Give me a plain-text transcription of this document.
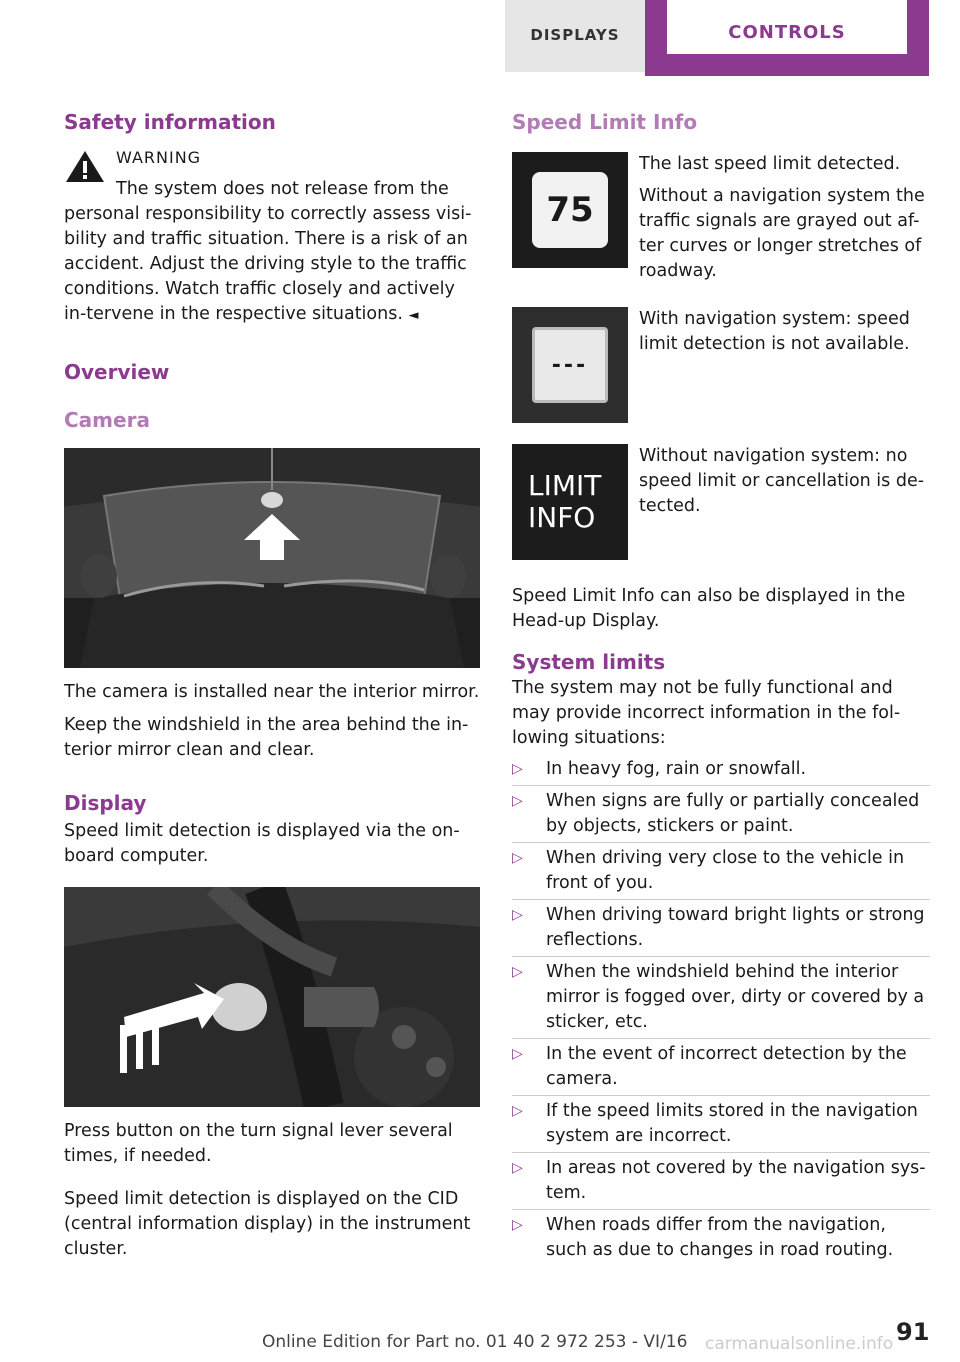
DISPLAYS	CONTROLS
Safety information
WARNING
The system does not release from the
personal responsibility to correctly assess visi-bility and traffic situation. There is a risk of an accident. Adjust the driving style to the traffic conditions. Watch traffic closely and actively in-tervene in the respective situations. ◄
Overview
Camera
The camera is installed near the interior mirror.
Keep the windshield in the area behind the in-terior mirror clean and clear.
Display
Speed limit detection is displayed via the on-board computer.
Press button on the turn signal lever several times, if needed.
Speed limit detection is displayed on the CID (central information display) in the instrument cluster.
Speed Limit Info
75
The last speed limit detected.
Without a navigation system the traffic signals are grayed out af-ter curves or longer stretches of roadway.
---
With navigation system: speed limit detection is not available.
LIMIT
INFO
Without navigation system: no speed limit or cancellation is de-tected.
Speed Limit Info can also be displayed in the Head-up Display.
System limits
The system may not be fully functional and may provide incorrect information in the fol-lowing situations:
▷ In heavy fog, rain or snowfall.
▷ When signs are fully or partially concealed by objects, stickers or paint.
▷ When driving very close to the vehicle in front of you.
▷ When driving toward bright lights or strong reflections.
▷ When the windshield behind the interior mirror is fogged over, dirty or covered by a sticker, etc.
▷ In the event of incorrect detection by the camera.
▷ If the speed limits stored in the navigation system are incorrect.
▷ In areas not covered by the navigation sys-tem.
▷ When roads differ from the navigation, such as due to changes in road routing.
Online Edition for Part no. 01 40 2 972 253 - VI/16 carmanualsonline.info 91
